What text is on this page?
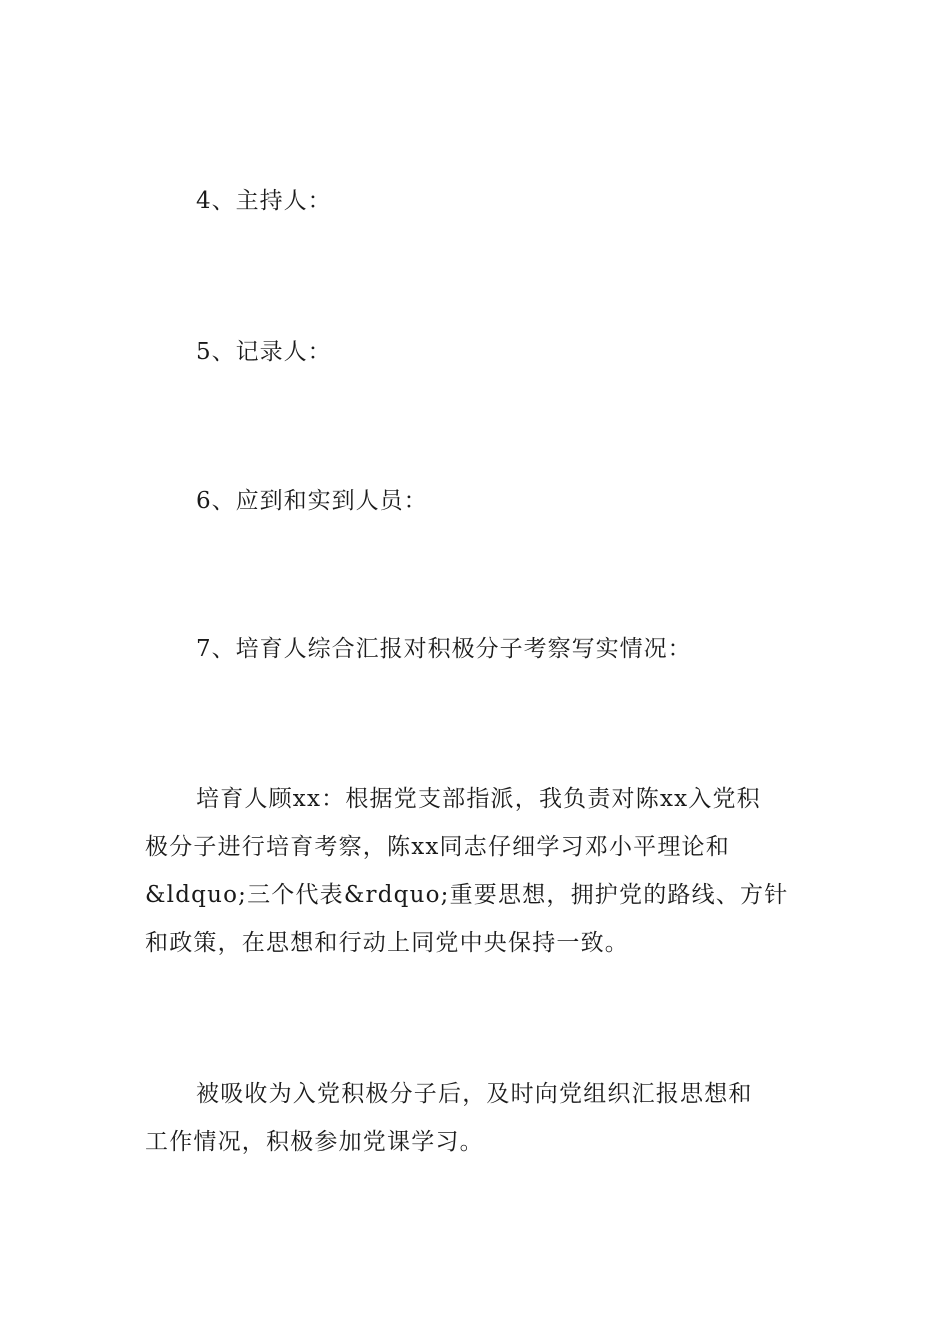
4、主持人：
5、记录人：
6、应到和实到人员：
7、培育人综合汇报对积极分子考察写实情况：
培育人顾xx：根据党支部指派，我负责对陈xx入党积
极分子进行培育考察，陈xx同志仔细学习邓小平理论和
&ldquo;三个代表&rdquo;重要思想，拥护党的路线、方针
和政策，在思想和行动上同党中央保持一致。
被吸收为入党积极分子后，及时向党组织汇报思想和
工作情况，积极参加党课学习。
